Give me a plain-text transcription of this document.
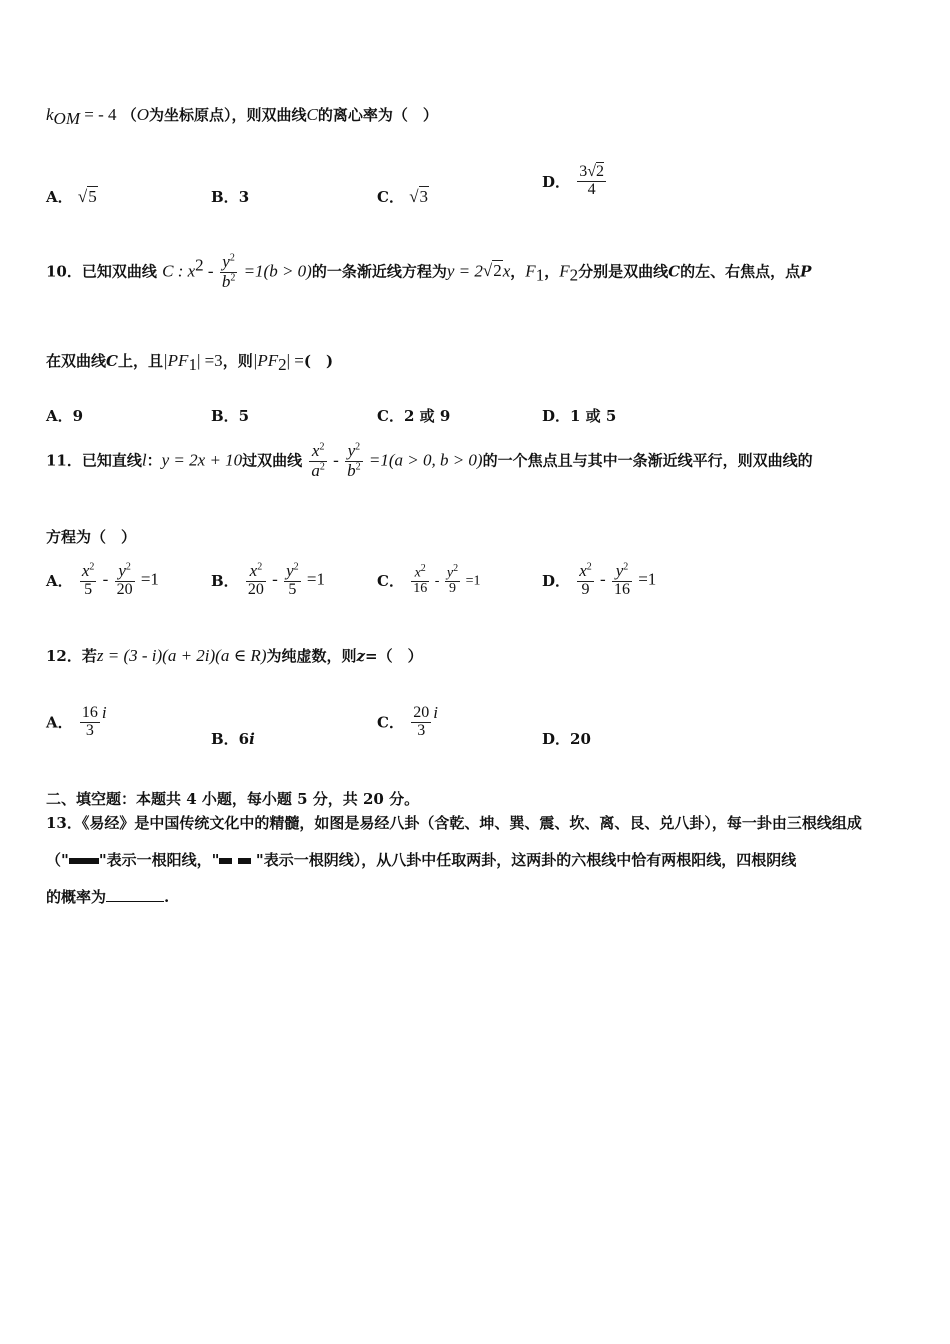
$k_{OM}$ = - 4 （O为坐标原点），则双曲线C的离心率为（　）
A． √5	B．3	C． √3
D． $\frac{3√2}{4}$
10．已知双曲线 C : $x^2 - \frac{y^2}{b^2} =1(b > 0)$的一条渐近线方程为y = 2√2x，$F_1$，$F_2$分别是双曲线C的左、右焦点，点P
在双曲线C上，且$|PF_1| =3$，则$|PF_2|$ =(　)
A．9	B．5	C．2 或 9	D．1 或 5
11．已知直线l：y = 2x + 10过双曲线 $\frac{x^2}{a^2} - \frac{y^2}{b^2} =1(a > 0$, b > 0)的一个焦点且与其中一条渐近线平行，则双曲线的
方程为（　）
A． $\frac{x^2}{5} - \frac{y^2}{20} =1$	B． $\frac{x^2}{20} - \frac{y^2}{5} =1$	C． $\frac{x^2}{16} - \frac{y^2}{9} =1$	D． $\frac{x^2}{9} - \frac{y^2}{16} =1$
12．若z = (3 - i)(a + 2i)(a ∈ R)为纯虚数，则z=（　）
A． $\frac{16}{3}$ i
B．6i
C． $\frac{20}{3}$ i
D．20
二、填空题：本题共 4 小题，每小题 5 分，共 20 分。
13．《易经》是中国传统文化中的精髓，如图是易经八卦（含乾、坤、巽、震、坎、离、艮、兑八卦），每一卦由三根线组成
（" "表示一根阳线，"  "表示一根阴线），从八卦中任取两卦，这两卦的六根线中恰有两根阳线，四根阴线
的概率为	.
